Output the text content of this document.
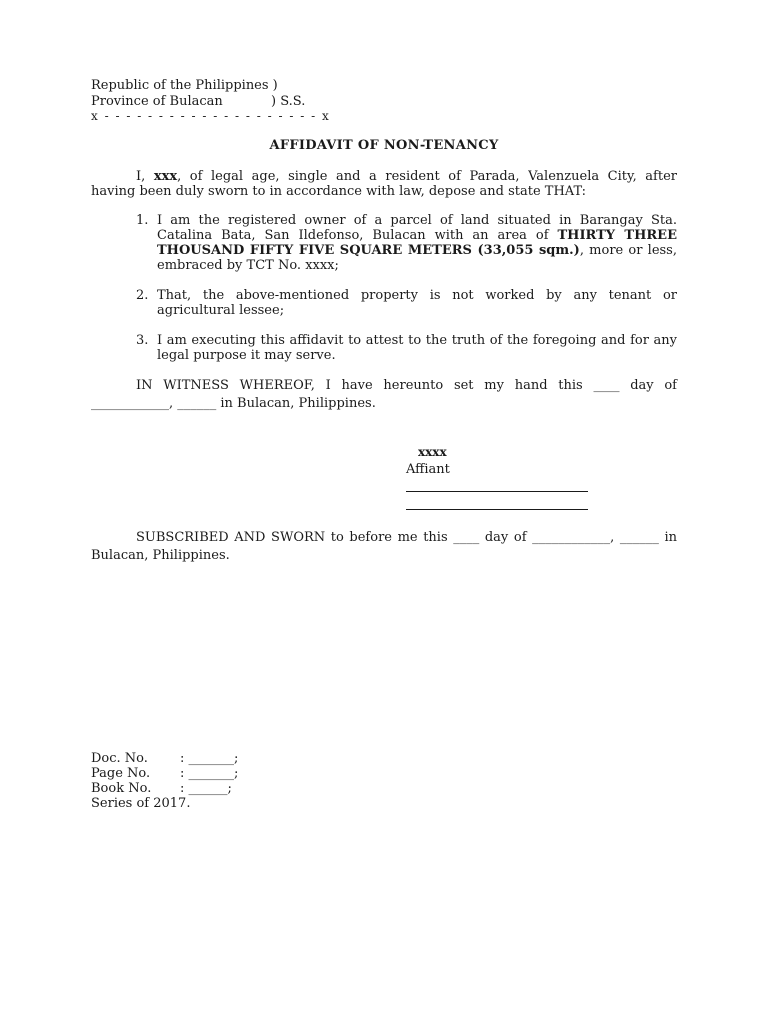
Republic of the Philippines )
Province of Bulacan	) S.S.
x - - - - - - - - - - - - - - - - - - - - x
AFFIDAVIT OF NON-TENANCY
I, xxx, of legal age, single and a resident of Parada, Valenzuela City, after
having been duly sworn to in accordance with law, depose and state THAT:
1. I am the registered owner of a parcel of land situated in Barangay Sta. Catalina Bata, San Ildefonso, Bulacan with an area of THIRTY THREE THOUSAND FIFTY FIVE SQUARE METERS (33,055 sqm.), more or less, embraced by TCT No. xxxx;
2. That, the above-mentioned property is not worked by any tenant or agricultural lessee;
3. I am executing this affidavit to attest to the truth of the foregoing and for any legal purpose it may serve.
IN WITNESS WHEREOF, I have hereunto set my hand this ____ day of
____________, ______ in Bulacan, Philippines.
xxxx
Affiant
SUBSCRIBED AND SWORN to before me this ____ day of ____________, ______ in
Bulacan, Philippines.
Doc. No. : _______;
Page No. : _______;
Book No. : ______;
Series of 2017.
